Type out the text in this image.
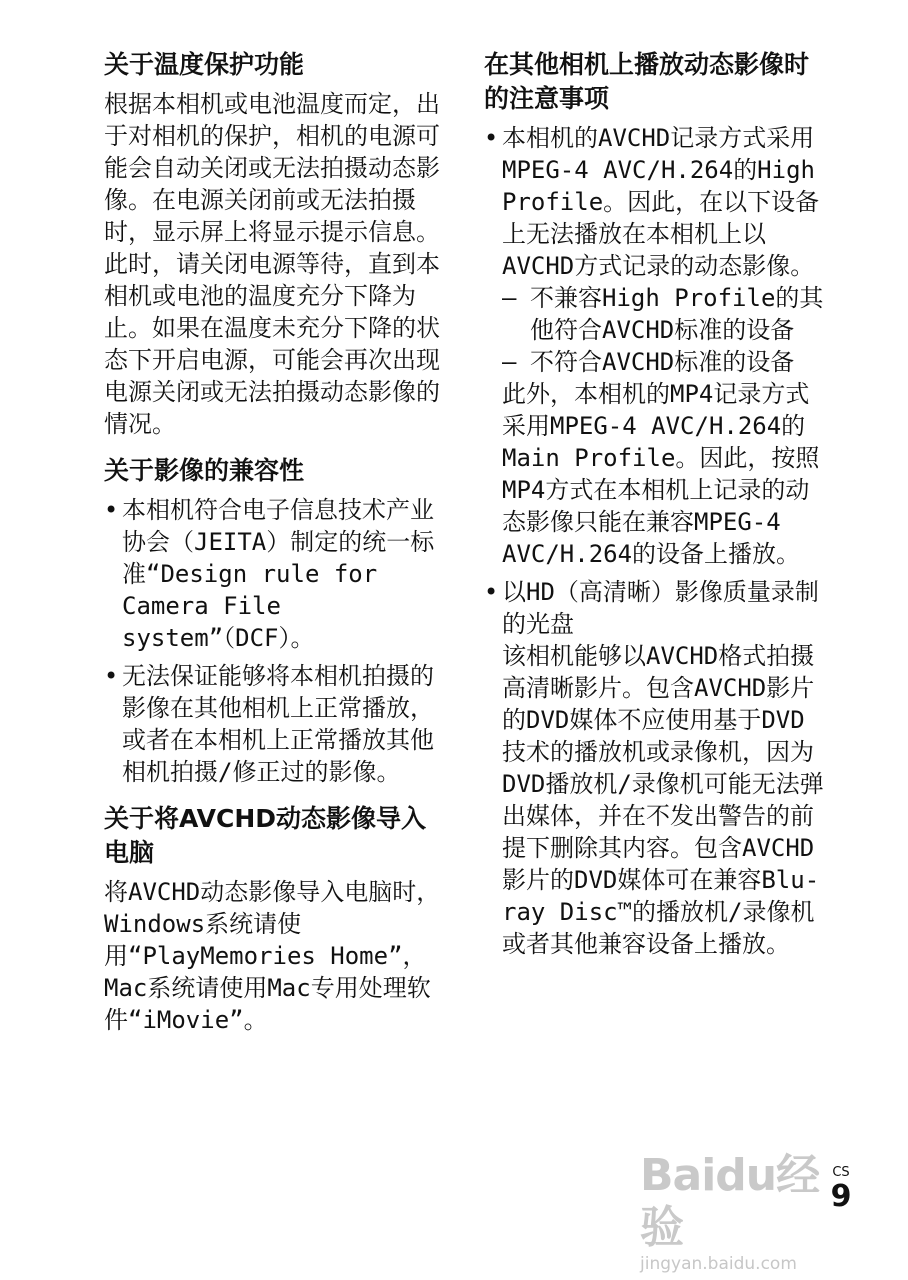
关于温度保护功能

根据本相机或电池温度而定，出于对相机的保护，相机的电源可能会自动关闭或无法拍摄动态影像。在电源关闭前或无法拍摄时，显示屏上将显示提示信息。此时，请关闭电源等待，直到本相机或电池的温度充分下降为止。如果在温度未充分下降的状态下开启电源，可能会再次出现电源关闭或无法拍摄动态影像的情况。

关于影像的兼容性
• 本相机符合电子信息技术产业协会（JEITA）制定的统一标准“Design rule for Camera File system”（DCF）。

• 无法保证能够将本相机拍摄的影像在其他相机上正常播放，或者在本相机上正常播放其他相机拍摄/修正过的影像。

关于将AVCHD动态影像导入电脑

将AVCHD动态影像导入电脑时，Windows系统请使用“PlayMemories Home”，Mac系统请使用Mac专用处理软件“iMovie”。

在其他相机上播放动态影像时的注意事项
• 本相机的AVCHD记录方式采用MPEG-4 AVC/H.264的High Profile。因此，在以下设备上无法播放在本相机上以AVCHD方式记录的动态影像。

– 不兼容High Profile的其他符合AVCHD标准的设备

– 不符合AVCHD标准的设备

此外，本相机的MP4记录方式采用MPEG-4 AVC/H.264的Main Profile。因此，按照MP4方式在本相机上记录的动态影像只能在兼容MPEG-4 AVC/H.264的设备上播放。

• 以HD（高清晰）影像质量录制的光盘

该相机能够以AVCHD格式拍摄高清晰影片。包含AVCHD影片的DVD媒体不应使用基于DVD技术的播放机或录像机，因为DVD播放机/录像机可能无法弹出媒体，并在不发出警告的前提下删除其内容。包含AVCHD影片的DVD媒体可在兼容Blu-ray Disc™的播放机/录像机或者其他兼容设备上播放。

Baidu经验
jingyan.baidu.com
CS
9
